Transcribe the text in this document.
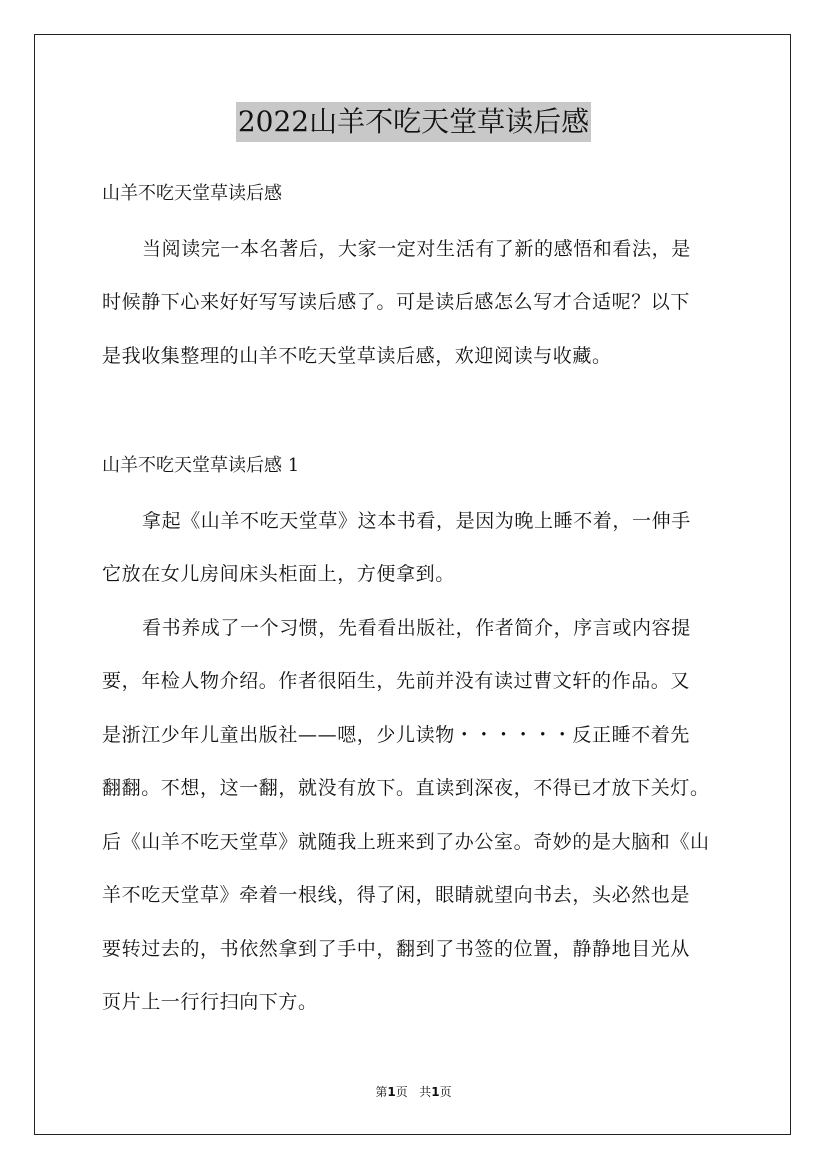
2022山羊不吃天堂草读后感
山羊不吃天堂草读后感
当阅读完一本名著后，大家一定对生活有了新的感悟和看法，是
时候静下心来好好写写读后感了。可是读后感怎么写才合适呢？以下
是我收集整理的山羊不吃天堂草读后感，欢迎阅读与收藏。
山羊不吃天堂草读后感 1
拿起《山羊不吃天堂草》这本书看，是因为晚上睡不着，一伸手
它放在女儿房间床头柜面上，方便拿到。
看书养成了一个习惯，先看看出版社，作者简介，序言或内容提
要，年检人物介绍。作者很陌生，先前并没有读过曹文轩的作品。又
是浙江少年儿童出版社——嗯，少儿读物・・・・・・反正睡不着先
翻翻。不想，这一翻，就没有放下。直读到深夜，不得已才放下关灯。
后《山羊不吃天堂草》就随我上班来到了办公室。奇妙的是大脑和《山
羊不吃天堂草》牵着一根线，得了闲，眼睛就望向书去，头必然也是
要转过去的，书依然拿到了手中，翻到了书签的位置，静静地目光从
页片上一行行扫向下方。
第1页 共1页
